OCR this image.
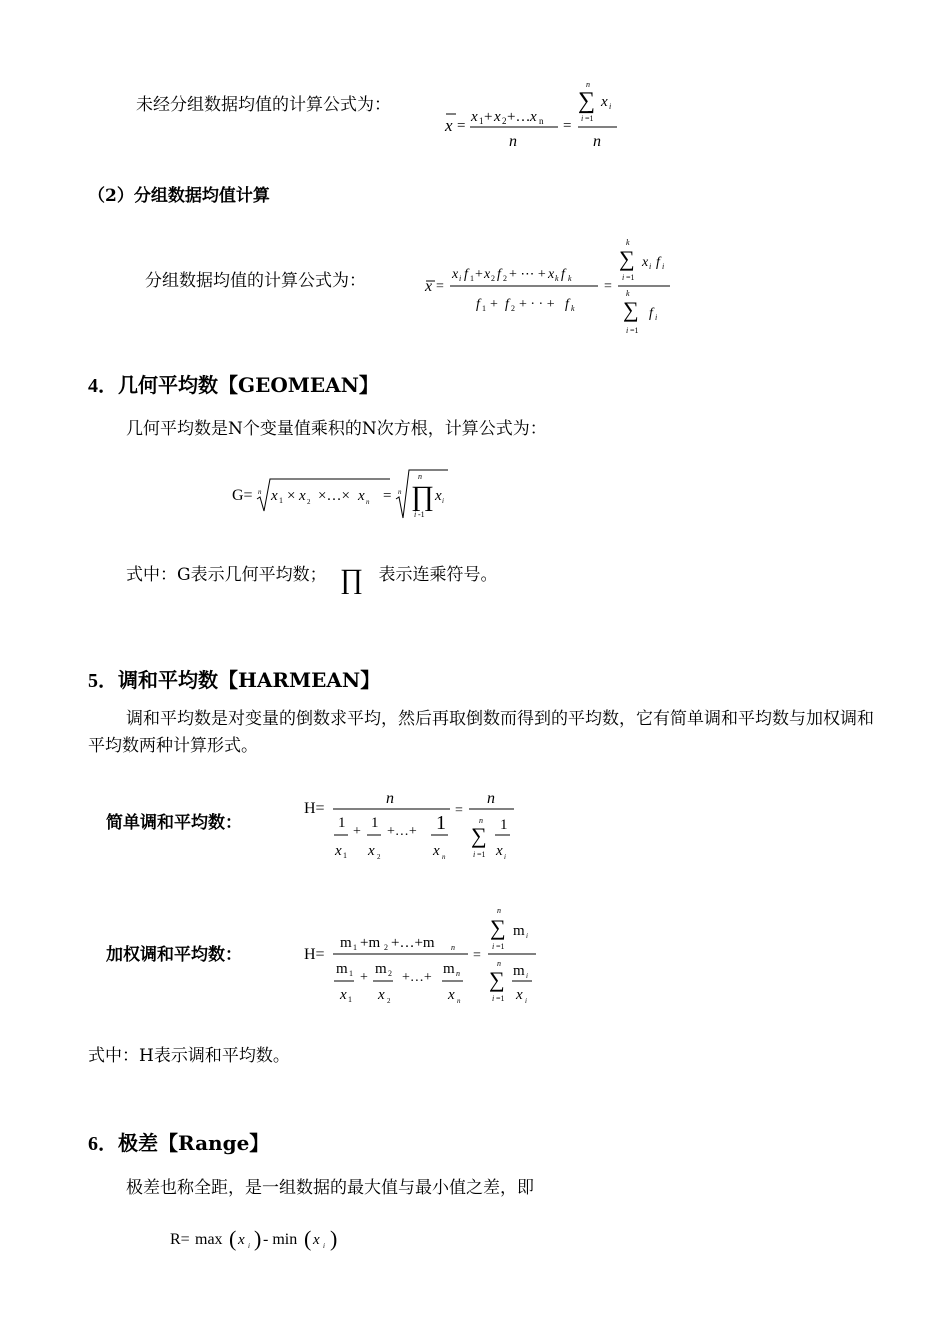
未经分组数据均值的计算公式为：
x =
x 1 + x 2 +… x n
n
=
n
∑ x i
i =1
n
（2）分组数据均值计算
分组数据均值的计算公式为：	x =
x i f 1 + x 2 f 2 + ⋯ + x k f k
f 1 + f 2 + · · + f k
=
k
∑ x i f i
i =1
k
∑ f i
i =1
4．几何平均数【GEOMEAN】
几何平均数是N个变量值乘积的N次方根，计算公式为：
G= n x 1 × x 2 ×…× x n = n
n
∏ x i
i -1
式中：G表示几何平均数； ∏ 表示连乘符号。
5．调和平均数【HARMEAN】
调和平均数是对变量的倒数求平均，然后再取倒数而得到的平均数，它有简单调和平均数与加权调和平均数两种计算形式。
简单调和平均数：
H=
n
1
x 1
+
1
x 2
+…+ 1
x n
=
n
n
∑
i =1
1
x i
加权调和平均数：	H=
m 1 +m 2 +…+m n
m 1
x 1
+
m 2
x 2
+…+
m n
x n
=
n
∑ m i
i =1
n
∑ m i
x i
i =1
式中：H表示调和平均数。
6．极差【Range】
极差也称全距，是一组数据的最大值与最小值之差，即
R= max ( x i ) - min ( x i )
